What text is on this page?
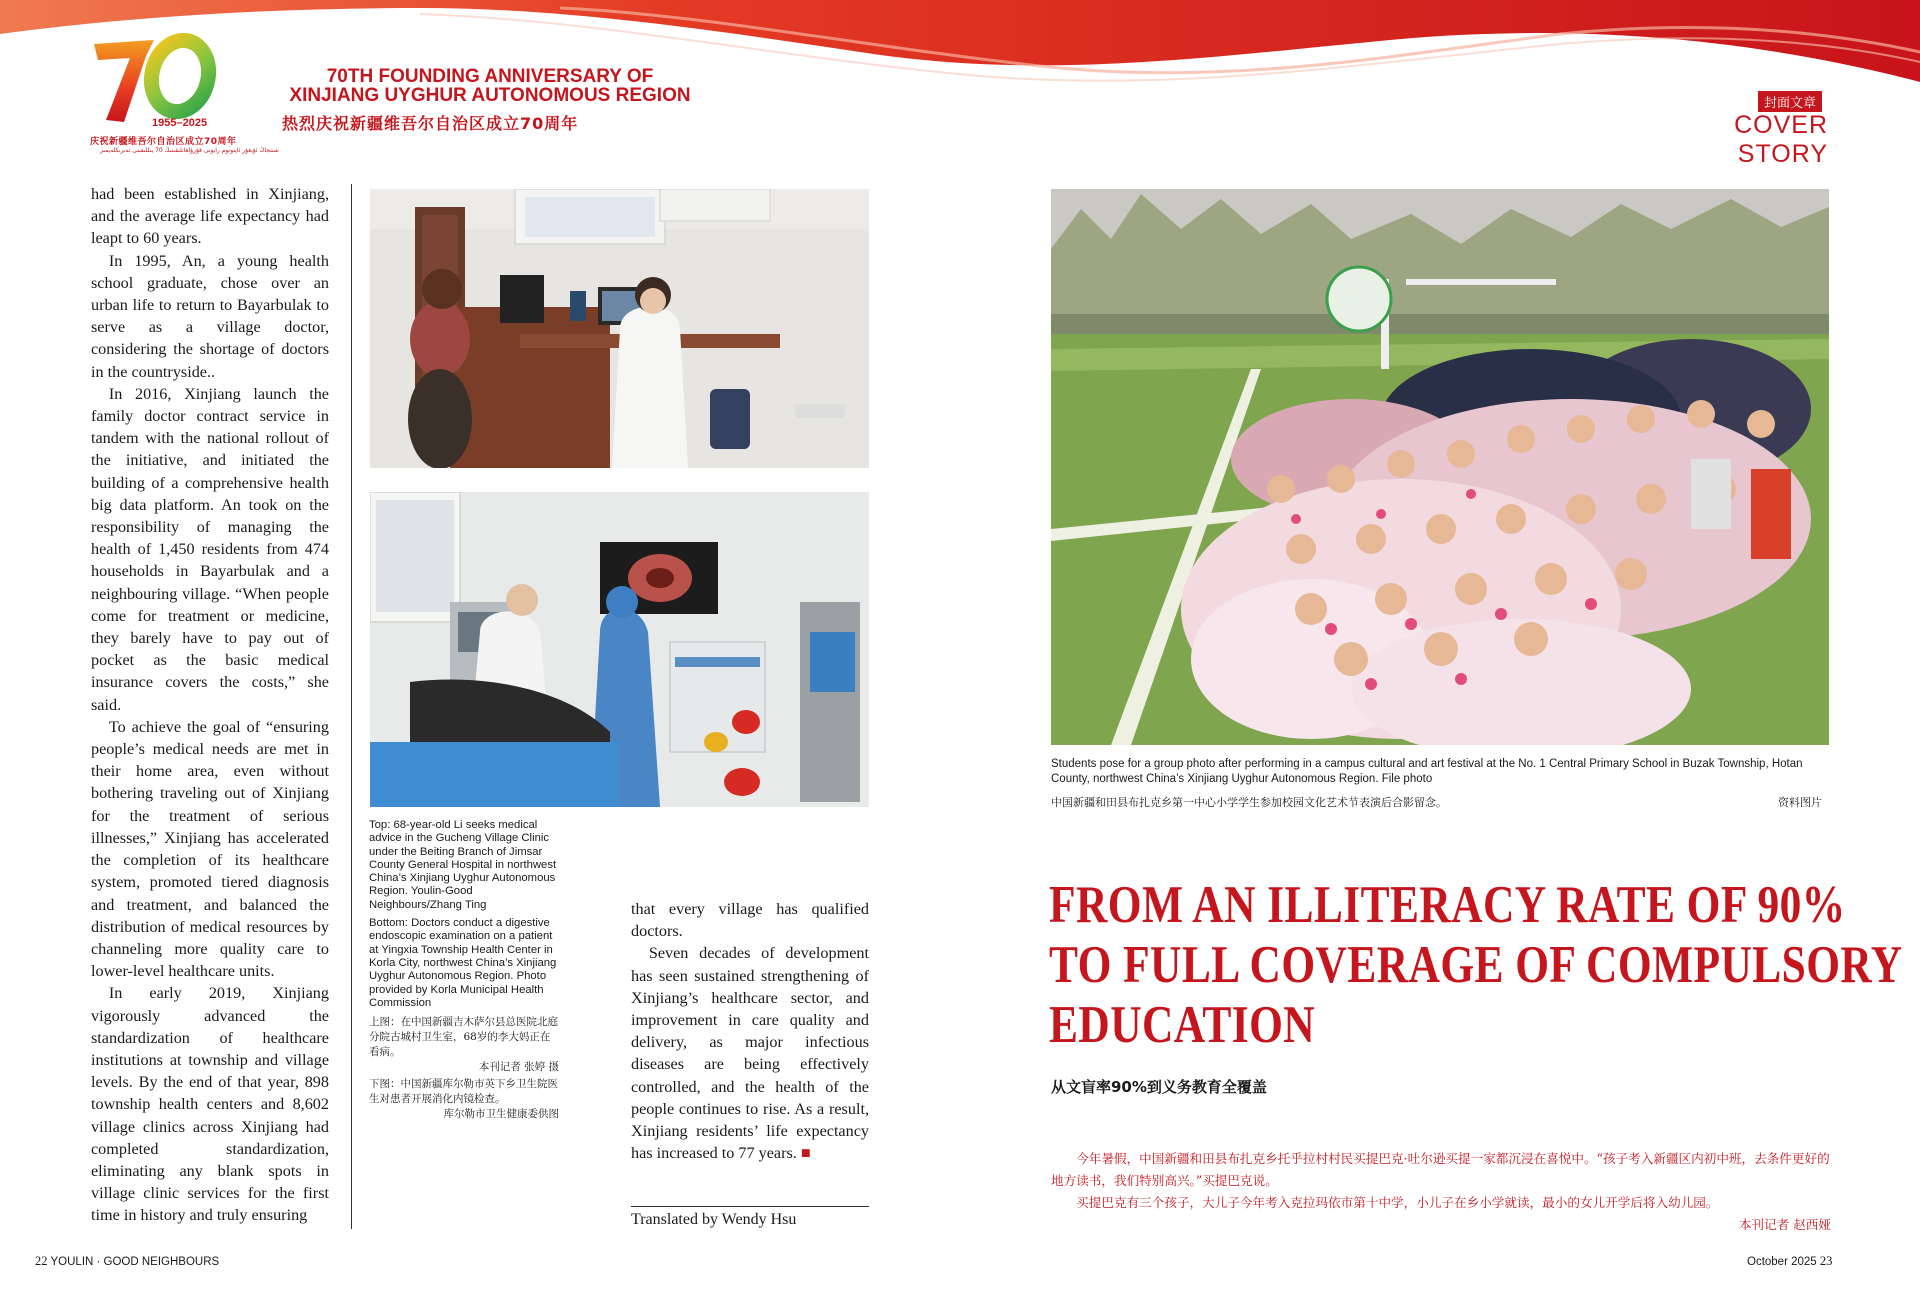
1955–2025
庆祝新疆维吾尔自治区成立70周年
شىنجاڭ ئۇيغۇر ئاپتونوم رايونى قۇرۇلغانلىقىنىڭ 70 يىللىقىنى تەبرىكلەيمىز
70TH FOUNDING ANNIVERSARY OF
XINJIANG UYGHUR AUTONOMOUS REGION
热烈庆祝新疆维吾尔自治区成立70周年
封面文章
COVER STORY

had been established in Xinjiang, and the average life expectancy had leapt to 60 years.

In 1995, An, a young health school graduate, chose over an urban life to return to Bayarbulak to serve as a village doctor, considering the shortage of doctors in the countryside..

In 2016, Xinjiang launch the family doctor contract service in tandem with the national rollout of the initiative, and initiated the building of a comprehensive health big data platform. An took on the responsibility of managing the health of 1,450 residents from 474 households in Bayarbulak and a neighbouring village. “When people come for treatment or medicine, they barely have to pay out of pocket as the basic medical insurance covers the costs,” she said.

To achieve the goal of “ensuring people’s medical needs are met in their home area, even without bothering traveling out of Xinjiang for the treatment of serious illnesses,” Xinjiang has accelerated the completion of its healthcare system, promoted tiered diagnosis and treatment, and balanced the distribution of medical resources by channeling more quality care to lower-level healthcare units.

In early 2019, Xinjiang vigorously advanced the standardization of healthcare institutions at township and village levels. By the end of that year, 898 township health centers and 8,602 village clinics across Xinjiang had completed standardization, eliminating any blank spots in village clinic services for the first time in history and truly ensuring

Top: 68-year-old Li seeks medical advice in the Gucheng Village Clinic under the Beiting Branch of Jimsar County General Hospital in northwest China’s Xinjiang Uyghur Autonomous Region. Youlin-Good Neighbours/Zhang Ting

Bottom: Doctors conduct a digestive endoscopic examination on a patient at Yingxia Township Health Center in Korla City, northwest China’s Xinjiang Uyghur Autonomous Region. Photo provided by Korla Municipal Health Commission

上图：在中国新疆吉木萨尔县总医院北庭分院古城村卫生室，68岁的李大妈正在看病。

本刊记者 张婷 摄

下图：中国新疆库尔勒市英下乡卫生院医生对患者开展消化内镜检查。

库尔勒市卫生健康委供图

that every village has qualified doctors.

Seven decades of development has seen sustained strengthening of Xinjiang’s healthcare sector, and improvement in care quality and delivery, as major infectious diseases are being effectively controlled, and the health of the people continues to rise. As a result, Xinjiang residents’ life expectancy has increased to 77 years. ■

Translated by Wendy Hsu
Students pose for a group photo after performing in a campus cultural and art festival at the No. 1 Central Primary School in Buzak Township, Hotan County, northwest China’s Xinjiang Uyghur Autonomous Region. File photo
中国新疆和田县布扎克乡第一中心小学学生参加校园文化艺术节表演后合影留念。	资料图片
FROM AN ILLITERACY RATE OF 90%
TO FULL COVERAGE OF COMPULSORY
EDUCATION
从文盲率90%到义务教育全覆盖

今年暑假，中国新疆和田县布扎克乡托乎拉村村民买提巴克·吐尔逊买提一家都沉浸在喜悦中。“孩子考入新疆区内初中班，去条件更好的地方读书，我们特别高兴。”买提巴克说。

买提巴克有三个孩子，大儿子今年考入克拉玛依市第十中学，小儿子在乡小学就读，最小的女儿开学后将入幼儿园。

本刊记者 赵西娅

22 YOULIN · GOOD NEIGHBOURS	October 2025 23
